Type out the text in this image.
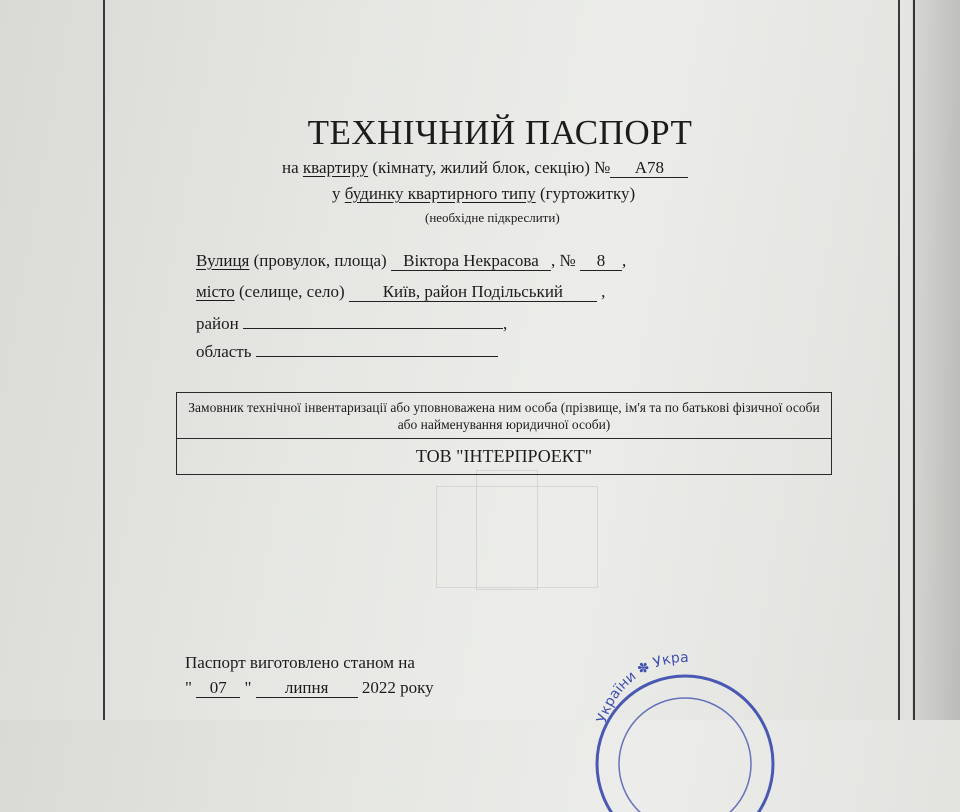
ТЕХНІЧНИЙ ПАСПОРТ
на квартиру (кімнату, жилий блок, секцію) № А78
у будинку квартирного типу (гуртожитку)
(необхідне підкреслити)
Вулиця (провулок, площа) Віктора Некрасова , № 8 ,
місто (селище, село) Київ, район Подільський ,
район	,
область
Замовник технічної інвентаризації або уповноважена ним особа (прізвище, ім'я та по батькові фізичної особи або найменування юридичної особи)
ТОВ "ІНТЕРПРОЕКТ"
Паспорт виготовлено станом на
" 07 " липня 2022 року
України ✽ Укра
